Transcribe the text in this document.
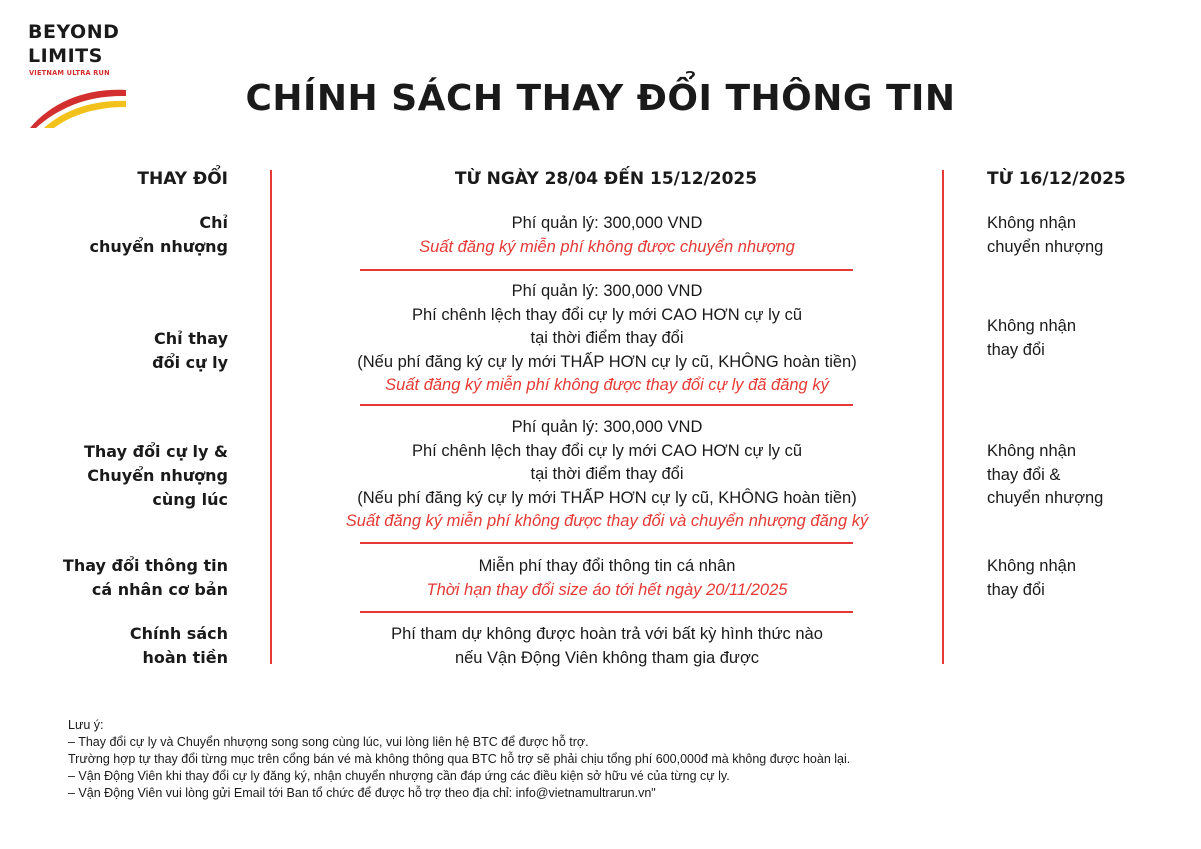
BEYOND
LIMITS
VIETNAM ULTRA RUN
CHÍNH SÁCH THAY ĐỔI THÔNG TIN
THAY ĐỔI	TỪ NGÀY 28/04 ĐẾN 15/12/2025	TỪ 16/12/2025
Chỉ
chuyển nhượng
Phí quản lý: 300,000 VND
Suất đăng ký miễn phí không được chuyển nhượng
Không nhận
chuyển nhượng
Chỉ thay
đổi cự ly
Phí quản lý: 300,000 VND
Phí chênh lệch thay đổi cự ly mới CAO HƠN cự ly cũ
tại thời điểm thay đổi
(Nếu phí đăng ký cự ly mới THẤP HƠN cự ly cũ, KHÔNG hoàn tiền)
Suất đăng ký miễn phí không được thay đổi cự ly đã đăng ký
Không nhận
thay đổi
Thay đổi cự ly &
Chuyển nhượng
cùng lúc
Phí quản lý: 300,000 VND
Phí chênh lệch thay đổi cự ly mới CAO HƠN cự ly cũ
tại thời điểm thay đổi
(Nếu phí đăng ký cự ly mới THẤP HƠN cự ly cũ, KHÔNG hoàn tiền)
Suất đăng ký miễn phí không được thay đổi và chuyển nhượng đăng ký
Không nhận
thay đổi &
chuyển nhượng
Thay đổi thông tin
cá nhân cơ bản
Miễn phí thay đổi thông tin cá nhân
Thời hạn thay đổi size áo tới hết ngày 20/11/2025
Không nhận
thay đổi
Chính sách
hoàn tiền
Phí tham dự không được hoàn trả với bất kỳ hình thức nào
nếu Vận Động Viên không tham gia được
Lưu ý:
– Thay đổi cự ly và Chuyển nhượng song song cùng lúc, vui lòng liên hệ BTC để được hỗ trợ.
Trường hợp tự thay đổi từng mục trên cổng bán vé mà không thông qua BTC hỗ trợ sẽ phải chịu tổng phí 600,000đ mà không được hoàn lại.
– Vận Động Viên khi thay đổi cự ly đăng ký, nhận chuyển nhượng cần đáp ứng các điều kiện sở hữu vé của từng cự ly.
– Vận Động Viên vui lòng gửi Email tới Ban tổ chức để được hỗ trợ theo địa chỉ: info@vietnamultrarun.vn"
